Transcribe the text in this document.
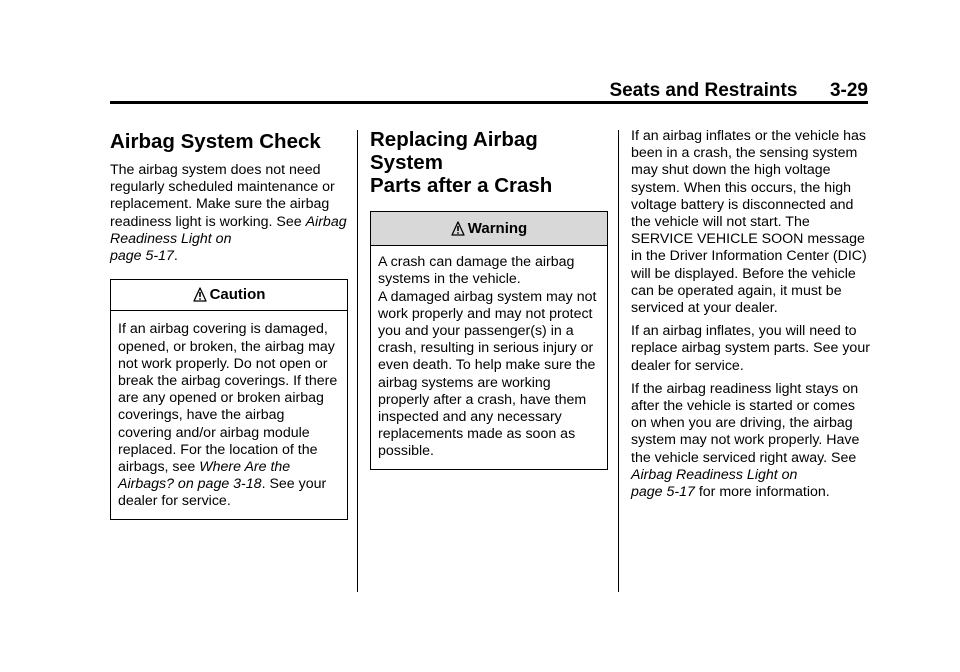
Seats and Restraints 3-29
Airbag System Check

The airbag system does not need regularly scheduled maintenance or replacement. Make sure the airbag readiness light is working. See Airbag Readiness Light on
page 5-17.

Caution
If an airbag covering is damaged, opened, or broken, the airbag may not work properly. Do not open or break the airbag coverings. If there are any opened or broken airbag coverings, have the airbag covering and/or airbag module replaced. For the location of the airbags, see Where Are the
Airbags? on page 3-18. See your dealer for service.
Replacing Airbag System
Parts after a Crash
Warning
A crash can damage the airbag systems in the vehicle.
A damaged airbag system may not work properly and may not protect you and your passenger(s) in a crash, resulting in serious injury or even death. To help make sure the airbag systems are working properly after a crash, have them inspected and any necessary replacements made as soon as possible.

If an airbag inflates or the vehicle has been in a crash, the sensing system may shut down the high voltage system. When this occurs, the high voltage battery is disconnected and the vehicle will not start. The SERVICE VEHICLE SOON message in the Driver Information Center (DIC) will be displayed. Before the vehicle can be operated again, it must be serviced at your dealer.

If an airbag inflates, you will need to replace airbag system parts. See your dealer for service.

If the airbag readiness light stays on after the vehicle is started or comes on when you are driving, the airbag system may not work properly. Have the vehicle serviced right away. See Airbag Readiness Light on
page 5-17 for more information.
